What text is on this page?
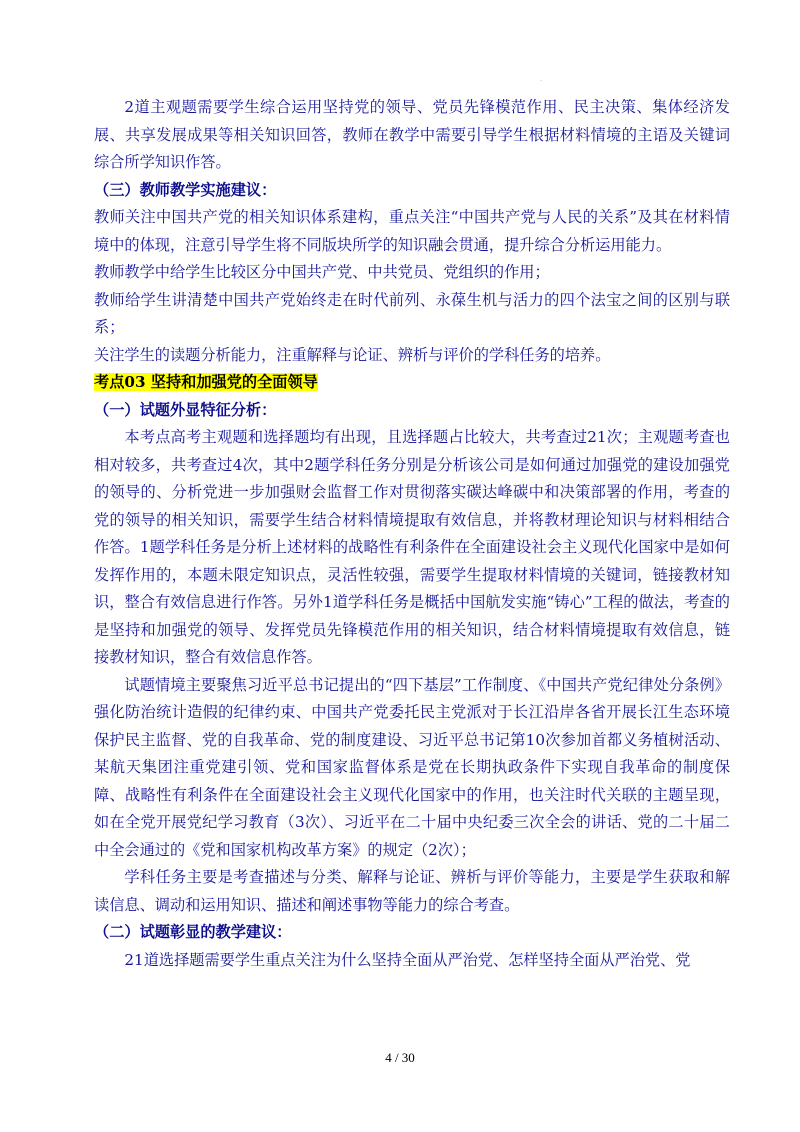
·

2道主观题需要学生综合运用坚持党的领导、党员先锋模范作用、民主决策、集体经济发展、共享发展成果等相关知识回答，教师在教学中需要引导学生根据材料情境的主语及关键词综合所学知识作答。

（三）教师教学实施建议：

教师关注中国共产党的相关知识体系建构，重点关注“中国共产党与人民的关系”及其在材料情境中的体现，注意引导学生将不同版块所学的知识融会贯通，提升综合分析运用能力。

教师教学中给学生比较区分中国共产党、中共党员、党组织的作用；

教师给学生讲清楚中国共产党始终走在时代前列、永葆生机与活力的四个法宝之间的区别与联系；

关注学生的读题分析能力，注重解释与论证、辨析与评价的学科任务的培养。

考点03 坚持和加强党的全面领导

（一）试题外显特征分析：

本考点高考主观题和选择题均有出现，且选择题占比较大，共考查过21次；主观题考查也相对较多，共考查过4次，其中2题学科任务分别是分析该公司是如何通过加强党的建设加强党的领导的、分析党进一步加强财会监督工作对贯彻落实碳达峰碳中和决策部署的作用，考查的党的领导的相关知识，需要学生结合材料情境提取有效信息，并将教材理论知识与材料相结合作答。1题学科任务是分析上述材料的战略性有利条件在全面建设社会主义现代化国家中是如何发挥作用的，本题未限定知识点，灵活性较强，需要学生提取材料情境的关键词，链接教材知识，整合有效信息进行作答。另外1道学科任务是概括中国航发实施“铸心”工程的做法，考查的是坚持和加强党的领导、发挥党员先锋模范作用的相关知识，结合材料情境提取有效信息，链接教材知识，整合有效信息作答。

试题情境主要聚焦习近平总书记提出的“四下基层”工作制度、《中国共产党纪律处分条例》强化防治统计造假的纪律约束、中国共产党委托民主党派对于长江沿岸各省开展长江生态环境保护民主监督、党的自我革命、党的制度建设、习近平总书记第10次参加首都义务植树活动、某航天集团注重党建引领、党和国家监督体系是党在长期执政条件下实现自我革命的制度保障、战略性有利条件在全面建设社会主义现代化国家中的作用，也关注时代关联的主题呈现，如在全党开展党纪学习教育（3次）、习近平在二十届中央纪委三次全会的讲话、党的二十届二中全会通过的《党和国家机构改革方案》的规定（2次）；

学科任务主要是考查描述与分类、解释与论证、辨析与评价等能力，主要是学生获取和解读信息、调动和运用知识、描述和阐述事物等能力的综合考查。

（二）试题彰显的教学建议：

21道选择题需要学生重点关注为什么坚持全面从严治党、怎样坚持全面从严治党、党

4 / 30
